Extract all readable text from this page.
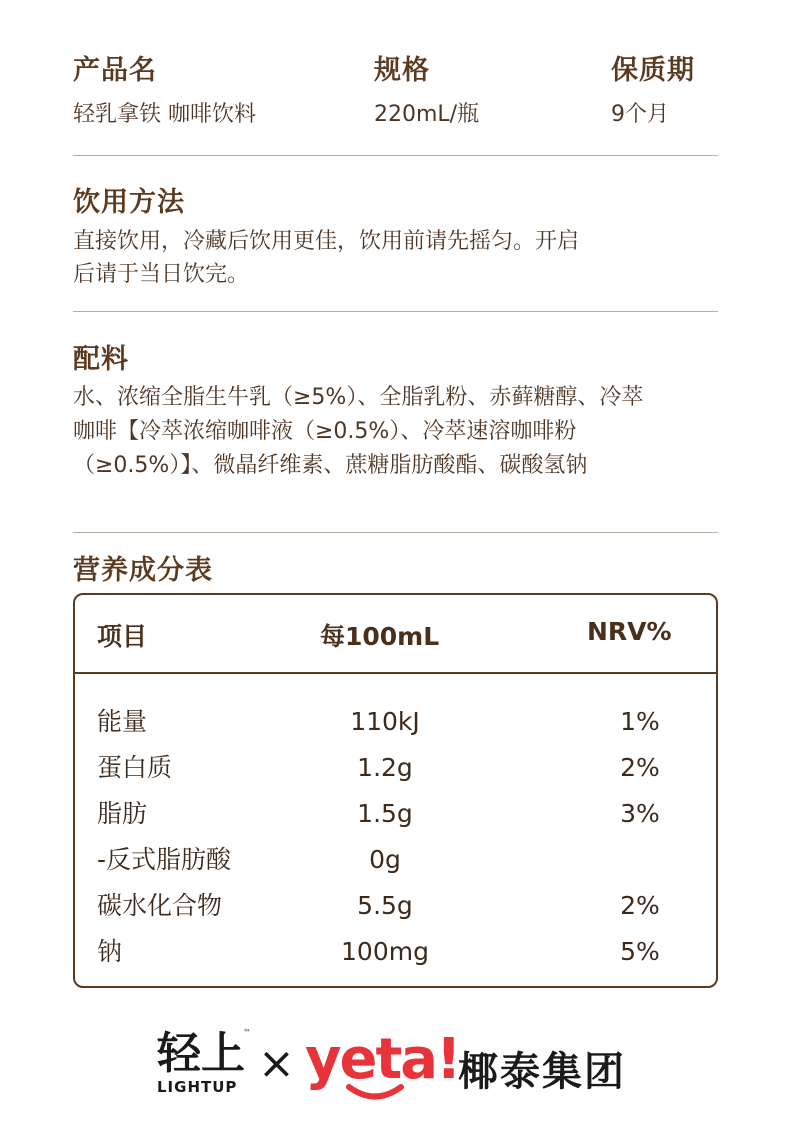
产品名	规格	保质期
轻乳拿铁 咖啡饮料	220mL/瓶	9个月
饮用方法
直接饮用，冷藏后饮用更佳，饮用前请先摇匀。开启
后请于当日饮完。
配料
水、浓缩全脂生牛乳（≥5%）、全脂乳粉、赤藓糖醇、冷萃
咖啡【冷萃浓缩咖啡液（≥0.5%）、冷萃速溶咖啡粉
（≥0.5%）】、微晶纤维素、蔗糖脂肪酸酯、碳酸氢钠
营养成分表
项目	每100mL	NRV%
能量	110kJ	1%
蛋白质	1.2g	2%
脂肪	1.5g	3%
-反式脂肪酸	0g
碳水化合物	5.5g	2%
钠	100mg	5%
轻上
LIGHTUP
™
× yeta!
椰泰集团
